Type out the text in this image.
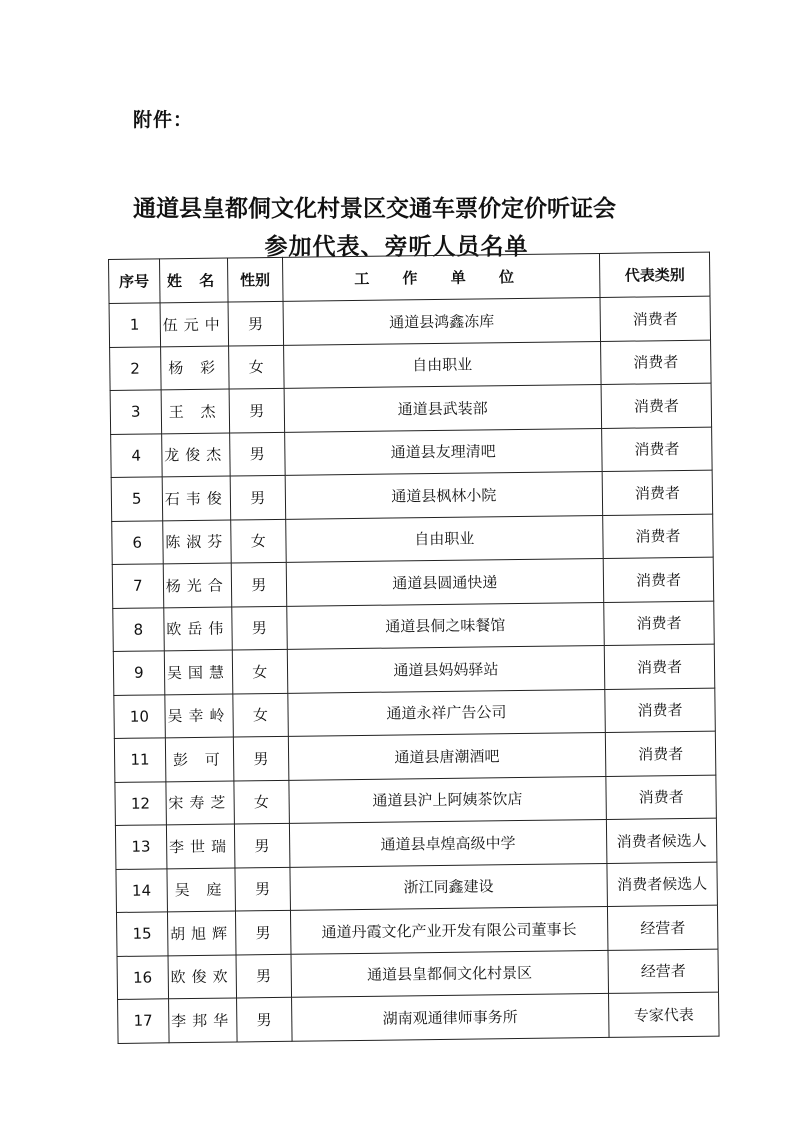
附件：
通道县皇都侗文化村景区交通车票价定价听证会
参加代表、旁听人员名单
序号	姓 名	性别	工 作 单 位	代表类别
1	伍元中	男	通道县鸿鑫冻库	消费者
2	杨 彩	女	自由职业	消费者
3	王 杰	男	通道县武装部	消费者
4	龙俊杰	男	通道县友理清吧	消费者
5	石韦俊	男	通道县枫林小院	消费者
6	陈淑芬	女	自由职业	消费者
7	杨光合	男	通道县圆通快递	消费者
8	欧岳伟	男	通道县侗之味餐馆	消费者
9	吴国慧	女	通道县妈妈驿站	消费者
10	吴幸岭	女	通道永祥广告公司	消费者
11	彭 可	男	通道县唐潮酒吧	消费者
12	宋寿芝	女	通道县沪上阿姨茶饮店	消费者
13	李世瑞	男	通道县卓煌高级中学	消费者候选人
14	吴 庭	男	浙江同鑫建设	消费者候选人
15	胡旭辉	男	通道丹霞文化产业开发有限公司董事长	经营者
16	欧俊欢	男	通道县皇都侗文化村景区	经营者
17	李邦华	男	湖南观通律师事务所	专家代表
